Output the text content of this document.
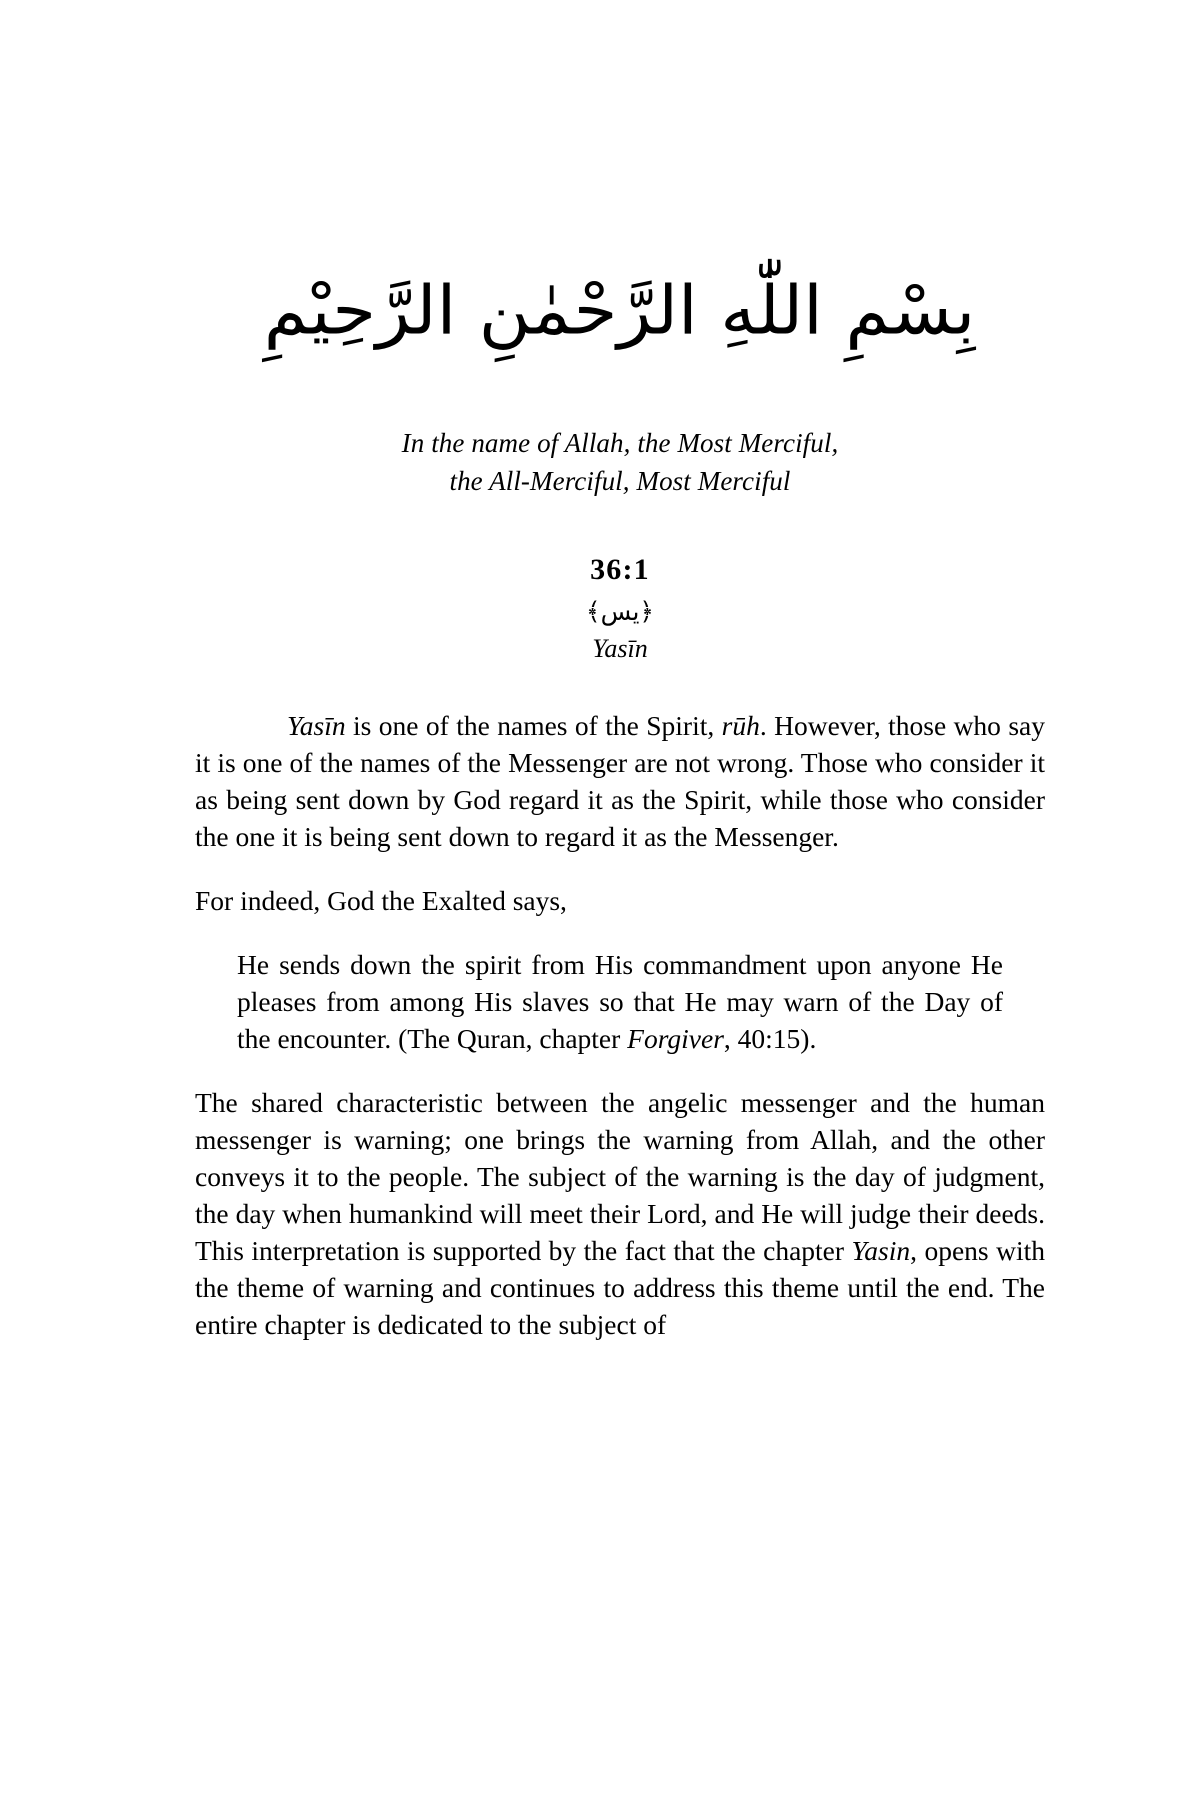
بِسْمِ اللّٰهِ الرَّحْمٰنِ الرَّحِيْمِ
In the name of Allah, the Most Merciful,
the All-Merciful, Most Merciful
36:1
﴿يس﴾
Yasīn

Yasīn is one of the names of the Spirit, rūh. However, those who say it is one of the names of the Messenger are not wrong. Those who consider it as being sent down by God regard it as the Spirit, while those who consider the one it is being sent down to regard it as the Messenger.

For indeed, God the Exalted says,

He sends down the spirit from His commandment upon anyone He pleases from among His slaves so that He may warn of the Day of the encounter. (The Quran, chapter Forgiver, 40:15).

The shared characteristic between the angelic messenger and the human messenger is warning; one brings the warning from Allah, and the other conveys it to the people. The subject of the warning is the day of judgment, the day when humankind will meet their Lord, and He will judge their deeds. This interpretation is supported by the fact that the chapter Yasin, opens with the theme of warning and continues to address this theme until the end. The entire chapter is dedicated to the subject of
